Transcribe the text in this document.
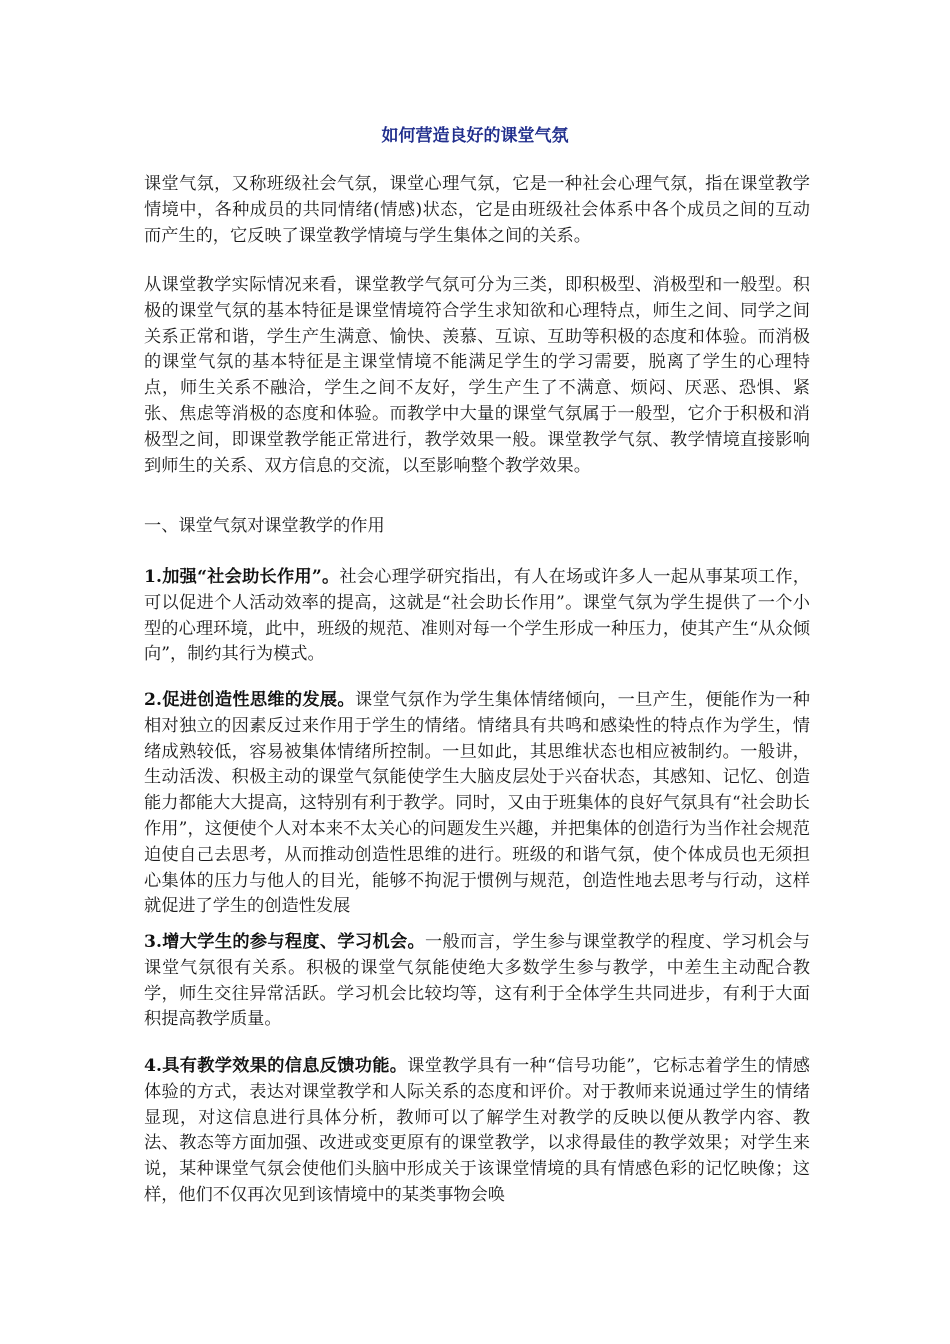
如何营造良好的课堂气氛

课堂气氛，又称班级社会气氛，课堂心理气氛，它是一种社会心理气氛，指在课堂教学情境中，各种成员的共同情绪(情感)状态，它是由班级社会体系中各个成员之间的互动而产生的，它反映了课堂教学情境与学生集体之间的关系。

从课堂教学实际情况来看，课堂教学气氛可分为三类，即积极型、消极型和一般型。积极的课堂气氛的基本特征是课堂情境符合学生求知欲和心理特点，师生之间、同学之间关系正常和谐，学生产生满意、愉快、羡慕、互谅、互助等积极的态度和体验。而消极的课堂气氛的基本特征是主课堂情境不能满足学生的学习需要，脱离了学生的心理特点，师生关系不融洽，学生之间不友好，学生产生了不满意、烦闷、厌恶、恐惧、紧张、焦虑等消极的态度和体验。而教学中大量的课堂气氛属于一般型，它介于积极和消极型之间，即课堂教学能正常进行，教学效果一般。课堂教学气氛、教学情境直接影响到师生的关系、双方信息的交流，以至影响整个教学效果。

一、课堂气氛对课堂教学的作用

1.加强“社会助长作用”。社会心理学研究指出，有人在场或许多人一起从事某项工作，可以促进个人活动效率的提高，这就是“社会助长作用”。课堂气氛为学生提供了一个小型的心理环境，此中，班级的规范、准则对每一个学生形成一种压力，使其产生“从众倾向”，制约其行为模式。

2.促进创造性思维的发展。课堂气氛作为学生集体情绪倾向，一旦产生，便能作为一种相对独立的因素反过来作用于学生的情绪。情绪具有共鸣和感染性的特点作为学生，情绪成熟较低，容易被集体情绪所控制。一旦如此，其思维状态也相应被制约。一般讲，生动活泼、积极主动的课堂气氛能使学生大脑皮层处于兴奋状态，其感知、记忆、创造能力都能大大提高，这特别有利于教学。同时，又由于班集体的良好气氛具有“社会助长作用”，这便使个人对本来不太关心的问题发生兴趣，并把集体的创造行为当作社会规范迫使自己去思考，从而推动创造性思维的进行。班级的和谐气氛，使个体成员也无须担心集体的压力与他人的目光，能够不拘泥于惯例与规范，创造性地去思考与行动，这样就促进了学生的创造性发展

3.增大学生的参与程度、学习机会。一般而言，学生参与课堂教学的程度、学习机会与课堂气氛很有关系。积极的课堂气氛能使绝大多数学生参与教学，中差生主动配合教学，师生交往异常活跃。学习机会比较均等，这有利于全体学生共同进步，有利于大面积提高教学质量。

4.具有教学效果的信息反馈功能。课堂教学具有一种“信号功能”，它标志着学生的情感体验的方式，表达对课堂教学和人际关系的态度和评价。对于教师来说通过学生的情绪显现，对这信息进行具体分析，教师可以了解学生对教学的反映以便从教学内容、教法、教态等方面加强、改进或变更原有的课堂教学，以求得最佳的教学效果；对学生来说，某种课堂气氛会使他们头脑中形成关于该课堂情境的具有情感色彩的记忆映像；这样，他们不仅再次见到该情境中的某类事物会唤
